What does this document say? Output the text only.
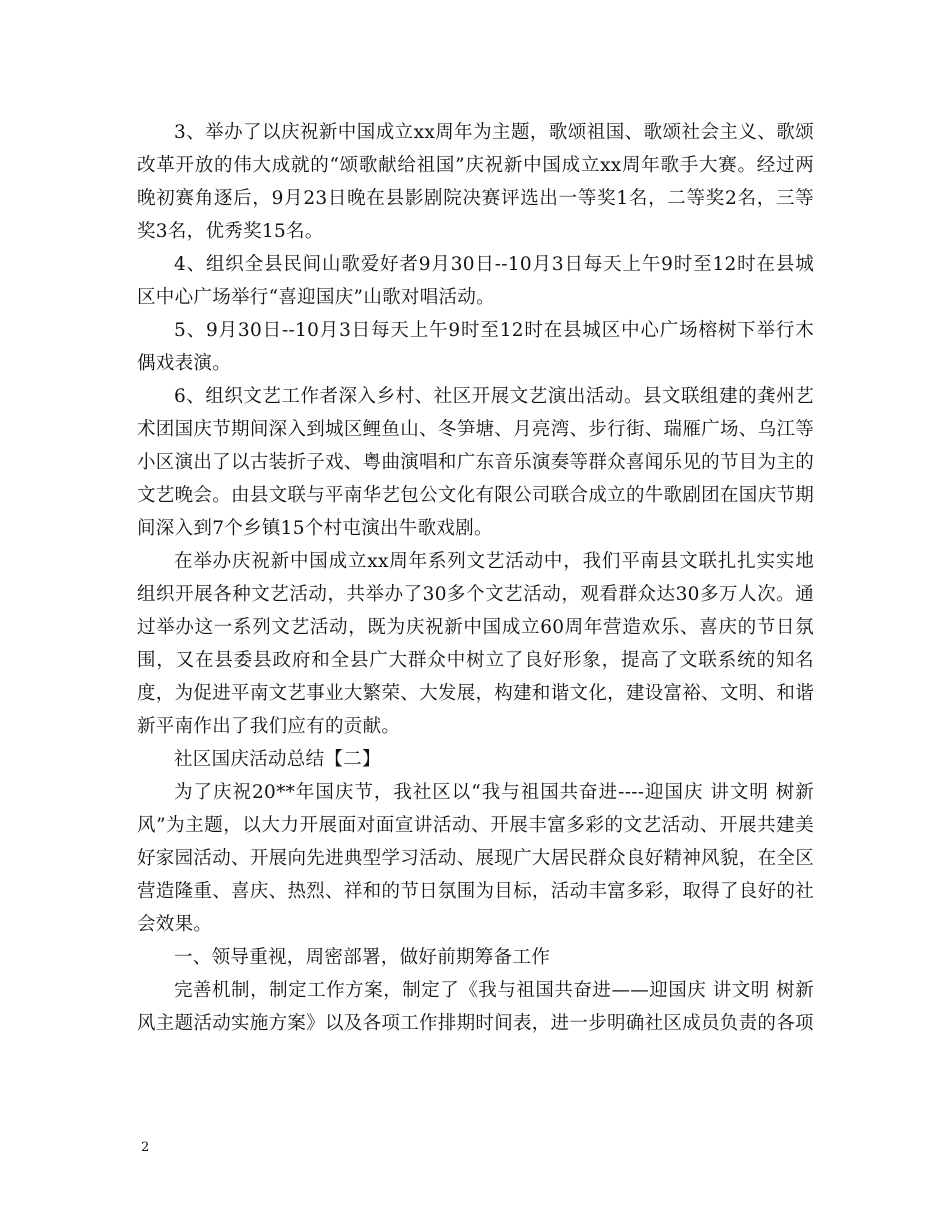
3、举办了以庆祝新中国成立xx周年为主题，歌颂祖国、歌颂社会主义、歌颂改革开放的伟大成就的“颂歌献给祖国”庆祝新中国成立xx周年歌手大赛。经过两晚初赛角逐后，9月23日晚在县影剧院决赛评选出一等奖1名，二等奖2名，三等奖3名，优秀奖15名。

4、组织全县民间山歌爱好者9月30日--10月3日每天上午9时至12时在县城区中心广场举行“喜迎国庆”山歌对唱活动。

5、9月30日--10月3日每天上午9时至12时在县城区中心广场榕树下举行木偶戏表演。

6、组织文艺工作者深入乡村、社区开展文艺演出活动。县文联组建的龚州艺术团国庆节期间深入到城区鲤鱼山、冬笋塘、月亮湾、步行街、瑞雁广场、乌江等小区演出了以古装折子戏、粤曲演唱和广东音乐演奏等群众喜闻乐见的节目为主的文艺晚会。由县文联与平南华艺包公文化有限公司联合成立的牛歌剧团在国庆节期间深入到7个乡镇15个村屯演出牛歌戏剧。

在举办庆祝新中国成立xx周年系列文艺活动中，我们平南县文联扎扎实实地组织开展各种文艺活动，共举办了30多个文艺活动，观看群众达30多万人次。通过举办这一系列文艺活动，既为庆祝新中国成立60周年营造欢乐、喜庆的节日氛围，又在县委县政府和全县广大群众中树立了良好形象，提高了文联系统的知名度，为促进平南文艺事业大繁荣、大发展，构建和谐文化，建设富裕、文明、和谐新平南作出了我们应有的贡献。

社区国庆活动总结【二】

为了庆祝20**年国庆节，我社区以“我与祖国共奋进----迎国庆 讲文明 树新风”为主题，以大力开展面对面宣讲活动、开展丰富多彩的文艺活动、开展共建美好家园活动、开展向先进典型学习活动、展现广大居民群众良好精神风貌，在全区营造隆重、喜庆、热烈、祥和的节日氛围为目标，活动丰富多彩，取得了良好的社会效果。

一、领导重视，周密部署，做好前期筹备工作

完善机制，制定工作方案，制定了《我与祖国共奋进——迎国庆 讲文明 树新风主题活动实施方案》以及各项工作排期时间表，进一步明确社区成员负责的各项

2
